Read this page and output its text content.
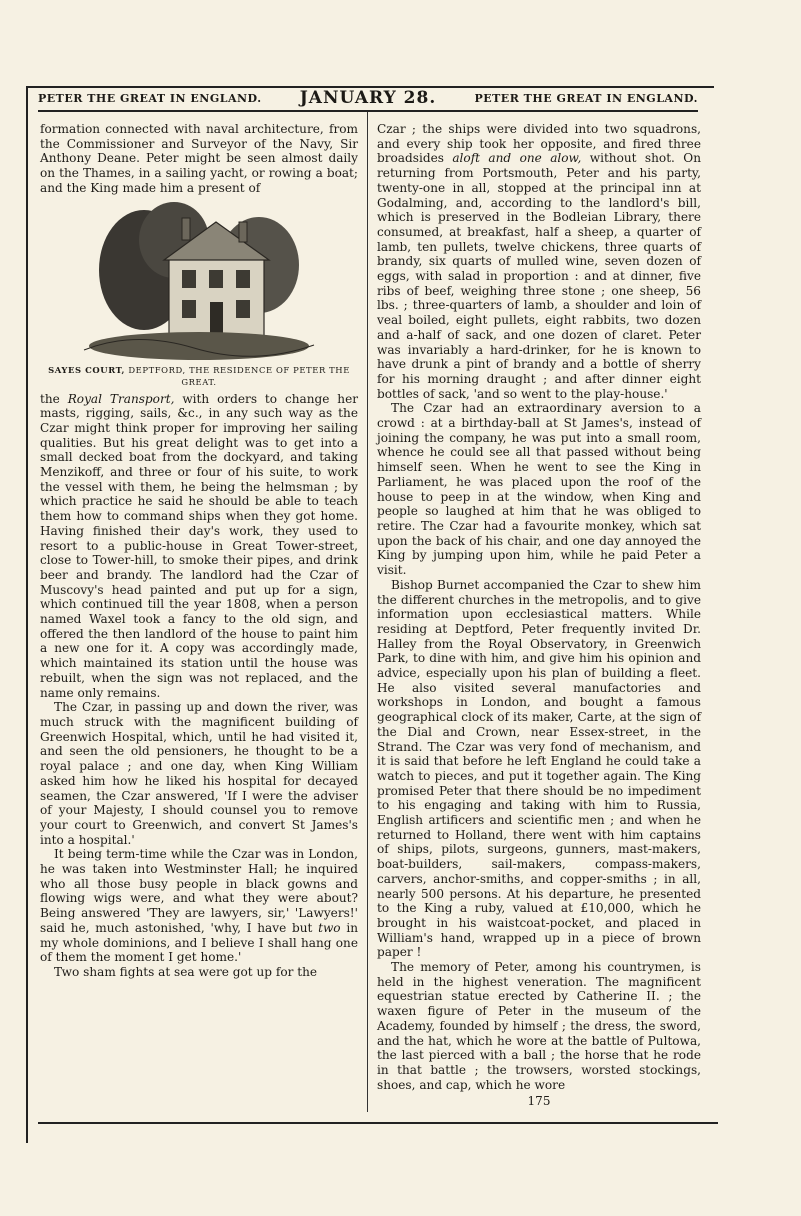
PETER THE GREAT IN ENGLAND. JANUARY 28.	PETER THE GREAT IN ENGLAND.

formation connected with naval architecture, from the Commissioner and Surveyor of the Navy, Sir Anthony Deane. Peter might be seen almost daily on the Thames, in a sailing yacht, or rowing a boat; and the King made him a present of

SAYES COURT, DEPTFORD, THE RESIDENCE OF PETER THE GREAT.

the Royal Transport, with orders to change her masts, rigging, sails, &c., in any such way as the Czar might think proper for improving her sailing qualities. But his great delight was to get into a small decked boat from the dockyard, and taking Menzikoff, and three or four of his suite, to work the vessel with them, he being the helmsman ; by which practice he said he should be able to teach them how to command ships when they got home. Having finished their day's work, they used to resort to a public-house in Great Tower-street, close to Tower-hill, to smoke their pipes, and drink beer and brandy. The landlord had the Czar of Muscovy's head painted and put up for a sign, which continued till the year 1808, when a person named Waxel took a fancy to the old sign, and offered the then landlord of the house to paint him a new one for it. A copy was accordingly made, which maintained its station until the house was rebuilt, when the sign was not replaced, and the name only remains.

The Czar, in passing up and down the river, was much struck with the magnificent building of Greenwich Hospital, which, until he had visited it, and seen the old pensioners, he thought to be a royal palace ; and one day, when King William asked him how he liked his hospital for decayed seamen, the Czar answered, 'If I were the adviser of your Majesty, I should counsel you to remove your court to Greenwich, and convert St James's into a hospital.'

It being term-time while the Czar was in London, he was taken into Westminster Hall; he inquired who all those busy people in black gowns and flowing wigs were, and what they were about? Being answered 'They are lawyers, sir,' 'Lawyers!' said he, much astonished, 'why, I have but two in my whole dominions, and I believe I shall hang one of them the moment I get home.'

Two sham fights at sea were got up for the

Czar ; the ships were divided into two squadrons, and every ship took her opposite, and fired three broadsides aloft and one alow, without shot. On returning from Portsmouth, Peter and his party, twenty-one in all, stopped at the principal inn at Godalming, and, according to the landlord's bill, which is preserved in the Bodleian Library, there consumed, at breakfast, half a sheep, a quarter of lamb, ten pullets, twelve chickens, three quarts of brandy, six quarts of mulled wine, seven dozen of eggs, with salad in proportion : and at dinner, five ribs of beef, weighing three stone ; one sheep, 56 lbs. ; three-quarters of lamb, a shoulder and loin of veal boiled, eight pullets, eight rabbits, two dozen and a-half of sack, and one dozen of claret. Peter was invariably a hard-drinker, for he is known to have drunk a pint of brandy and a bottle of sherry for his morning draught ; and after dinner eight bottles of sack, 'and so went to the play-house.'

The Czar had an extraordinary aversion to a crowd : at a birthday-ball at St James's, instead of joining the company, he was put into a small room, whence he could see all that passed without being himself seen. When he went to see the King in Parliament, he was placed upon the roof of the house to peep in at the window, when King and people so laughed at him that he was obliged to retire. The Czar had a favourite monkey, which sat upon the back of his chair, and one day annoyed the King by jumping upon him, while he paid Peter a visit.

Bishop Burnet accompanied the Czar to shew him the different churches in the metropolis, and to give information upon ecclesiastical matters. While residing at Deptford, Peter frequently invited Dr. Halley from the Royal Observatory, in Greenwich Park, to dine with him, and give him his opinion and advice, especially upon his plan of building a fleet. He also visited several manufactories and workshops in London, and bought a famous geographical clock of its maker, Carte, at the sign of the Dial and Crown, near Essex-street, in the Strand. The Czar was very fond of mechanism, and it is said that before he left England he could take a watch to pieces, and put it together again. The King promised Peter that there should be no impediment to his engaging and taking with him to Russia, English artificers and scientific men ; and when he returned to Holland, there went with him captains of ships, pilots, surgeons, gunners, mast-makers, boat-builders, sail-makers, compass-makers, carvers, anchor-smiths, and copper-smiths ; in all, nearly 500 persons. At his departure, he presented to the King a ruby, valued at £10,000, which he brought in his waistcoat-pocket, and placed in William's hand, wrapped up in a piece of brown paper !

The memory of Peter, among his countrymen, is held in the highest veneration. The magnificent equestrian statue erected by Catherine II. ; the waxen figure of Peter in the museum of the Academy, founded by himself ; the dress, the sword, and the hat, which he wore at the battle of Pultowa, the last pierced with a ball ; the horse that he rode in that battle ; the trowsers, worsted stockings, shoes, and cap, which he wore

175
